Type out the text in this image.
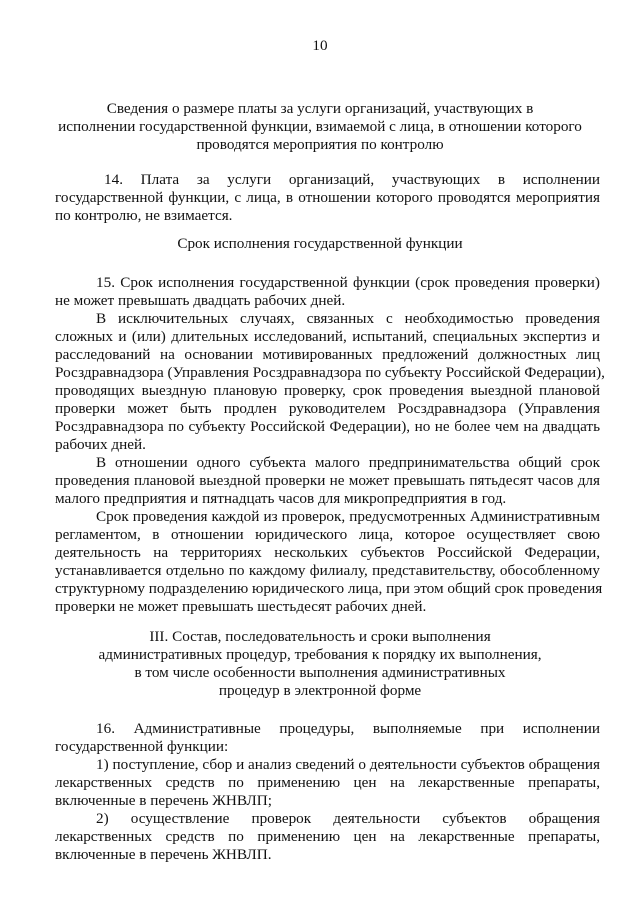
10
Сведения о размере платы за услуги организаций, участвующих в
исполнении государственной функции, взимаемой с лица, в отношении которого
проводятся мероприятия по контролю
14. Плата за услуги организаций, участвующих в исполнении
государственной функции, с лица, в отношении которого проводятся мероприятия
по контролю, не взимается.
Срок исполнения государственной функции
15. Срок исполнения государственной функции (срок проведения проверки)
не может превышать двадцать рабочих дней.
В исключительных случаях, связанных с необходимостью проведения
сложных и (или) длительных исследований, испытаний, специальных экспертиз и
расследований на основании мотивированных предложений должностных лиц
Росздравнадзора (Управления Росздравнадзора по субъекту Российской Федерации),
проводящих выездную плановую проверку, срок проведения выездной плановой
проверки может быть продлен руководителем Росздравнадзора (Управления
Росздравнадзора по субъекту Российской Федерации), но не более чем на двадцать
рабочих дней.
В отношении одного субъекта малого предпринимательства общий срок
проведения плановой выездной проверки не может превышать пятьдесят часов для
малого предприятия и пятнадцать часов для микропредприятия в год.
Срок проведения каждой из проверок, предусмотренных Административным
регламентом, в отношении юридического лица, которое осуществляет свою
деятельность на территориях нескольких субъектов Российской Федерации,
устанавливается отдельно по каждому филиалу, представительству, обособленному
структурному подразделению юридического лица, при этом общий срок проведения
проверки не может превышать шестьдесят рабочих дней.
III. Состав, последовательность и сроки выполнения
административных процедур, требования к порядку их выполнения,
в том числе особенности выполнения административных
процедур в электронной форме
16. Административные процедуры, выполняемые при исполнении
государственной функции:
1) поступление, сбор и анализ сведений о деятельности субъектов обращения
лекарственных средств по применению цен на лекарственные препараты,
включенные в перечень ЖНВЛП;
2) осуществление проверок деятельности субъектов обращения
лекарственных средств по применению цен на лекарственные препараты,
включенные в перечень ЖНВЛП.
